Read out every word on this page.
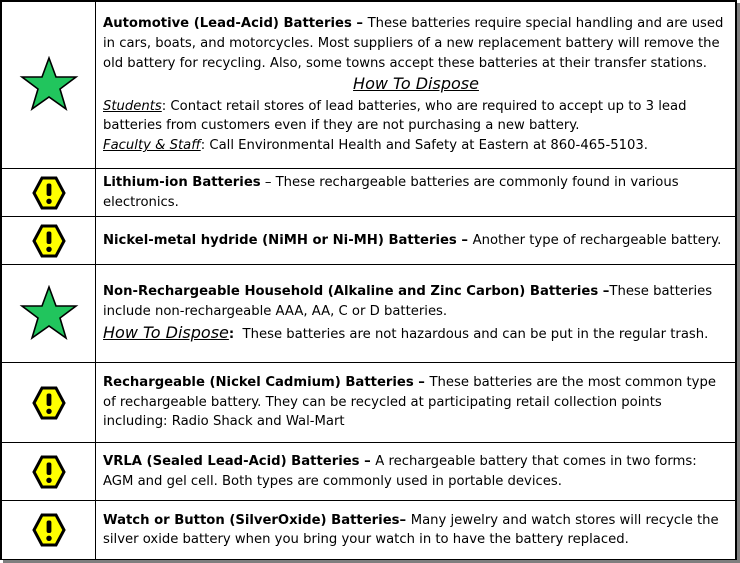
Automotive (Lead-Acid) Batteries – These batteries require special handling and are used in cars, boats, and motorcycles. Most suppliers of a new replacement battery will remove the old battery for recycling. Also, some towns accept these batteries at their transfer stations.
How To Dispose
Students: Contact retail stores of lead batteries, who are required to accept up to 3 lead batteries from customers even if they are not purchasing a new battery.
Faculty & Staff: Call Environmental Health and Safety at Eastern at 860-465-5103.

Lithium-ion Batteries – These rechargeable batteries are commonly found in various electronics.

Nickel-metal hydride (NiMH or Ni-MH) Batteries – Another type of rechargeable battery.

Non-Rechargeable Household (Alkaline and Zinc Carbon) Batteries –These batteries include non-rechargeable AAA, AA, C or D batteries.
How To Dispose:  These batteries are not hazardous and can be put in the regular trash.

Rechargeable (Nickel Cadmium) Batteries – These batteries are the most common type of rechargeable battery. They can be recycled at participating retail collection points including: Radio Shack and Wal-Mart

VRLA (Sealed Lead-Acid) Batteries – A rechargeable battery that comes in two forms: AGM and gel cell. Both types are commonly used in portable devices.

Watch or Button (SilverOxide) Batteries– Many jewelry and watch stores will recycle the silver oxide battery when you bring your watch in to have the battery replaced.
